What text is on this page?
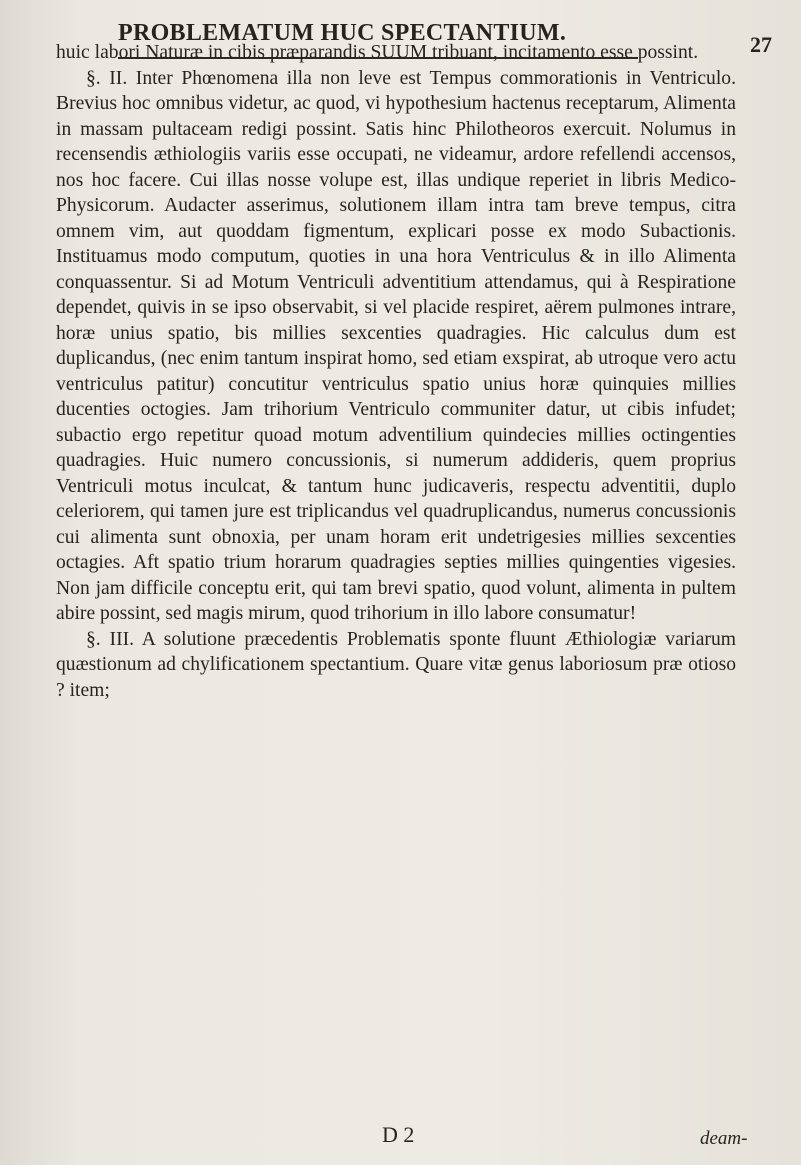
PROBLEMATUM HUC SPECTANTIUM.	27

huic labori Naturæ in cibis præparandis SUUM tribuant, incitamento esse possint.

§. II. Inter Phœnomena illa non leve est Tempus commorationis in Ventriculo. Brevius hoc omnibus videtur, ac quod, vi hypothesium hactenus receptarum, Alimenta in massam pultaceam redigi possint. Satis hinc Philotheoros exercuit. Nolumus in recensendis æthiologiis variis esse occupati, ne videamur, ardore refellendi accensos, nos hoc facere. Cui illas nosse volupe est, illas undique reperiet in libris Medico-Physicorum. Audacter asserimus, solutionem illam intra tam breve tempus, citra omnem vim, aut quoddam figmentum, explicari posse ex modo Subactionis. Instituamus modo computum, quoties in una hora Ventriculus & in illo Alimenta conquassentur. Si ad Motum Ventriculi adventitium attendamus, qui à Respiratione dependet, quivis in se ipso observabit, si vel placide respiret, aërem pulmones intrare, horæ unius spatio, bis millies sexcenties quadragies. Hic calculus dum est duplicandus, (nec enim tantum inspirat homo, sed etiam exspirat, ab utroque vero actu ventriculus patitur) concutitur ventriculus spatio unius horæ quinquies millies ducenties octogies. Jam trihorium Ventriculo communiter datur, ut cibis infudet; subactio ergo repetitur quoad motum adventilium quindecies millies octingenties quadragies. Huic numero concussionis, si numerum addideris, quem proprius Ventriculi motus inculcat, & tantum hunc judicaveris, respectu adventitii, duplo celeriorem, qui tamen jure est triplicandus vel quadruplicandus, numerus concussionis cui alimenta sunt obnoxia, per unam horam erit undetrigesies millies sexcenties octagies. Aft spatio trium horarum quadragies septies millies quingenties vigesies. Non jam difficile conceptu erit, qui tam brevi spatio, quod volunt, alimenta in pultem abire possint, sed magis mirum, quod trihorium in illo labore consumatur!

§. III. A solutione præcedentis Problematis sponte fluunt Æthiologiæ variarum quæstionum ad chylificationem spectantium. Quare vitæ genus laboriosum præ otioso ? item;

D 2	deam-
